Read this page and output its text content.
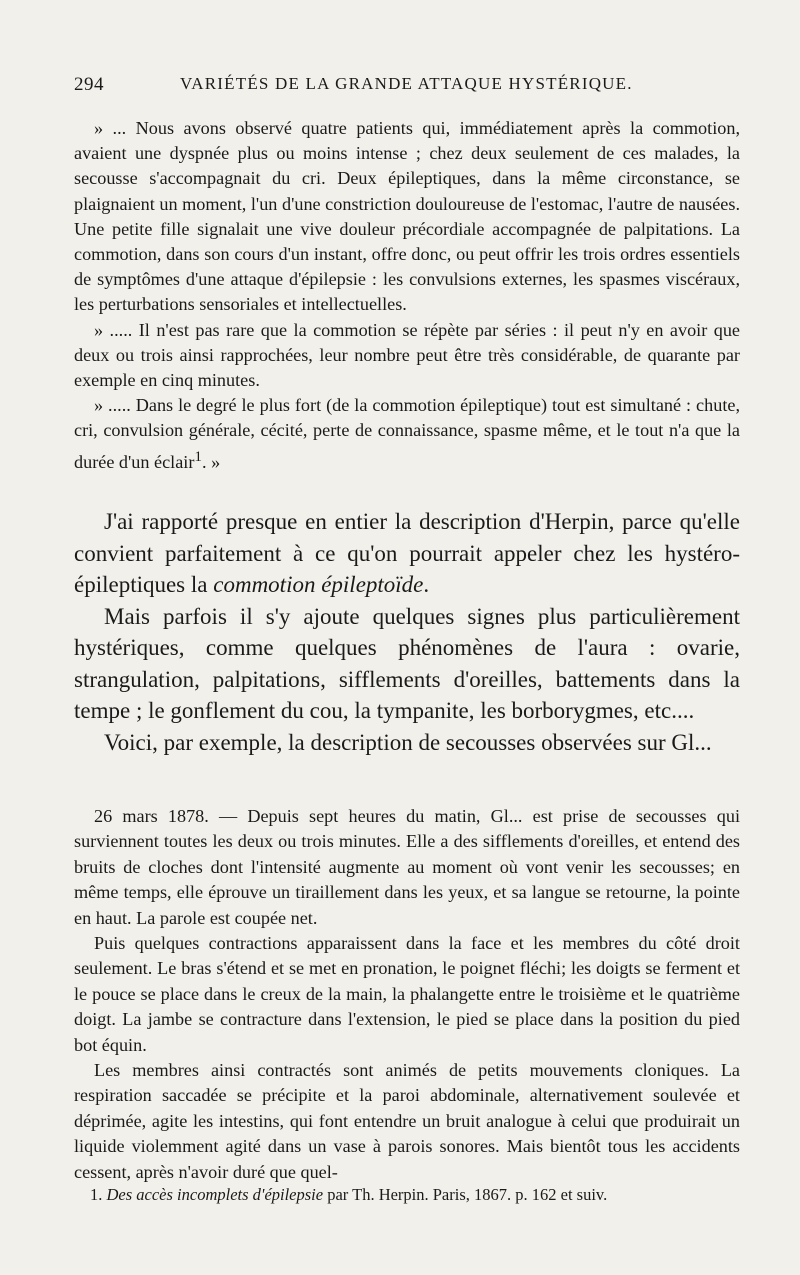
294	VARIÉTÉS DE LA GRANDE ATTAQUE HYSTÉRIQUE.

» ... Nous avons observé quatre patients qui, immédiatement après la commotion, avaient une dyspnée plus ou moins intense ; chez deux seulement de ces malades, la secousse s'accompagnait du cri. Deux épileptiques, dans la même circonstance, se plaignaient un moment, l'un d'une constriction douloureuse de l'estomac, l'autre de nausées. Une petite fille signalait une vive douleur précordiale accompagnée de palpitations. La commotion, dans son cours d'un instant, offre donc, ou peut offrir les trois ordres essentiels de symptômes d'une attaque d'épilepsie : les convulsions externes, les spasmes viscéraux, les perturbations sensoriales et intellectuelles.

» ..... Il n'est pas rare que la commotion se répète par séries : il peut n'y en avoir que deux ou trois ainsi rapprochées, leur nombre peut être très considérable, de quarante par exemple en cinq minutes.

» ..... Dans le degré le plus fort (de la commotion épileptique) tout est simultané : chute, cri, convulsion générale, cécité, perte de connaissance, spasme même, et le tout n'a que la durée d'un éclair$^1$. »

J'ai rapporté presque en entier la description d'Herpin, parce qu'elle convient parfaitement à ce qu'on pourrait appeler chez les hystéro-épileptiques la commotion épileptoïde.

Mais parfois il s'y ajoute quelques signes plus particulièrement hystériques, comme quelques phénomènes de l'aura : ovarie, strangulation, palpitations, sifflements d'oreilles, battements dans la tempe ; le gonflement du cou, la tympanite, les borborygmes, etc....

Voici, par exemple, la description de secousses observées sur Gl...

26 mars 1878. — Depuis sept heures du matin, Gl... est prise de secousses qui surviennent toutes les deux ou trois minutes. Elle a des sifflements d'oreilles, et entend des bruits de cloches dont l'intensité augmente au moment où vont venir les secousses; en même temps, elle éprouve un tiraillement dans les yeux, et sa langue se retourne, la pointe en haut. La parole est coupée net.

Puis quelques contractions apparaissent dans la face et les membres du côté droit seulement. Le bras s'étend et se met en pronation, le poignet fléchi; les doigts se ferment et le pouce se place dans le creux de la main, la phalangette entre le troisième et le quatrième doigt. La jambe se contracture dans l'extension, le pied se place dans la position du pied bot équin.

Les membres ainsi contractés sont animés de petits mouvements cloniques. La respiration saccadée se précipite et la paroi abdominale, alternativement soulevée et déprimée, agite les intestins, qui font entendre un bruit analogue à celui que produirait un liquide violemment agité dans un vase à parois sonores. Mais bientôt tous les accidents cessent, après n'avoir duré que quel-

1. Des accès incomplets d'épilepsie par Th. Herpin. Paris, 1867. p. 162 et suiv.
